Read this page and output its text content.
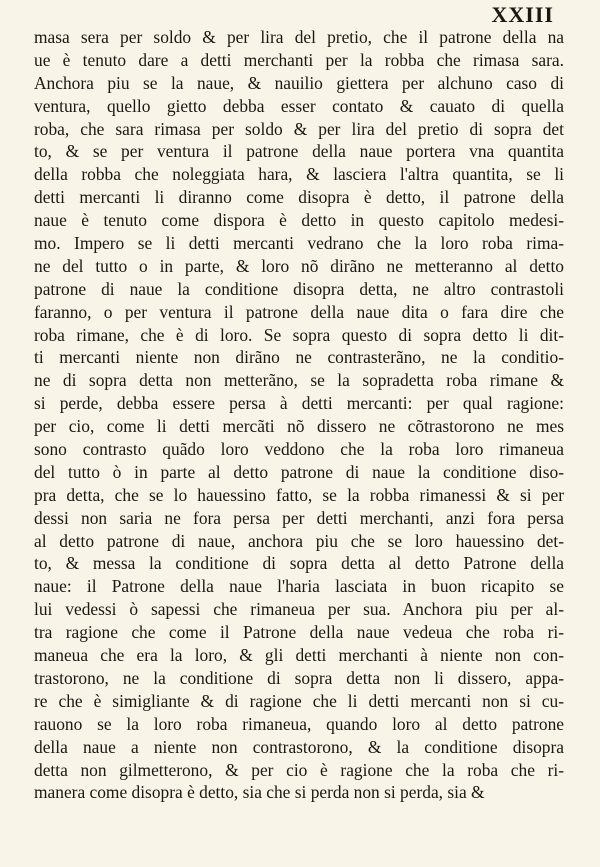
XXIII
masa sera per soldo & per lira del pretio, che il patrone della na
ue è tenuto dare a detti merchanti per la robba che rimasa sara.
Anchora piu se la naue, & nauilio giettera per alchuno caso di
ventura, quello gietto debba esser contato & cauato di quella
roba, che sara rimasa per soldo & per lira del pretio di sopra det
to, & se per ventura il patrone della naue portera vna quantita
della robba che noleggiata hara, & lasciera l'altra quantita, se li
detti mercanti li diranno come disopra è detto, il patrone della
naue è tenuto come dispora è detto in questo capitolo medesi-
mo. Impero se li detti mercanti vedrano che la loro roba rima-
ne del tutto o in parte, & loro nõ dirãno ne metteranno al detto
patrone di naue la conditione disopra detta, ne altro contrastoli
faranno, o per ventura il patrone della naue dita o fara dire che
roba rimane, che è di loro. Se sopra questo di sopra detto li dit-
ti mercanti niente non dirãno ne contrasterãno, ne la conditio-
ne di sopra detta non metterãno, se la sopradetta roba rimane &
si perde, debba essere persa à detti mercanti: per qual ragione:
per cio, come li detti mercãti nõ dissero ne cõtrastorono ne mes
sono contrasto quãdo loro veddono che la roba loro rimaneua
del tutto ò in parte al detto patrone di naue la conditione diso-
pra detta, che se lo hauessino fatto, se la robba rimanessi & si per
dessi non saria ne fora persa per detti merchanti, anzi fora persa
al detto patrone di naue, anchora piu che se loro hauessino det-
to, & messa la conditione di sopra detta al detto Patrone della
naue: il Patrone della naue l'haria lasciata in buon ricapito se
lui vedessi ò sapessi che rimaneua per sua. Anchora piu per al-
tra ragione che come il Patrone della naue vedeua che roba ri-
maneua che era la loro, & gli detti merchanti à niente non con-
trastorono, ne la conditione di sopra detta non li dissero, appa-
re che è simigliante & di ragione che li detti mercanti non si cu-
rauono se la loro roba rimaneua, quando loro al detto patrone
della naue a niente non contrastorono, & la conditione disopra
detta non gilmetterono, & per cio è ragione che la roba che ri-
manera come disopra è detto, sia che si perda non si perda, sia &
